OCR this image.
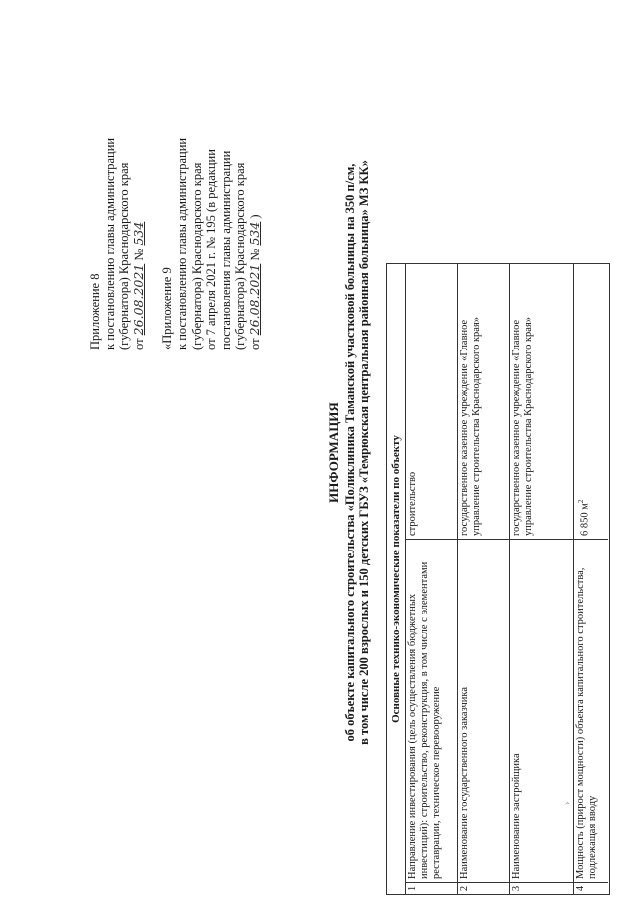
Приложение 8 к постановлению главы администрации (губернатора) Краснодарского края от 26.08.2021 № 534
«Приложение 9 к постановлению главы администрации (губернатора) Краснодарского края от 7 апреля 2021 г. № 195 (в редакции постановления главы администрации (губернатора) Краснодарского края от 26.08.2021 № 534 )
ИНФОРМАЦИЯ об объекте капитального строительства «Поликлиника Таманской участковой больницы на 350 п/см, в том числе 200 взрослых и 150 детских ГБУЗ «Темрюкская центральная районная больница» МЗ КК» Основные технико-экономические показатели по объекту
1
Направление инвестирования (цель осуществления бюджетных инвестиций): строительство, реконструкция, в том числе с элементами реставрации, техническое перевооружение
строительство
2
Наименование государственного заказчика
государственное казенное учреждение «Главное управление строительства Краснодарского края»
3
Наименование застройщика
государственное казенное учреждение «Главное управление строительства Краснодарского края»
4
Мощность (прирост мощности) объекта капитального строительства, подлежащая вводу
6 850 $м^2$
›
